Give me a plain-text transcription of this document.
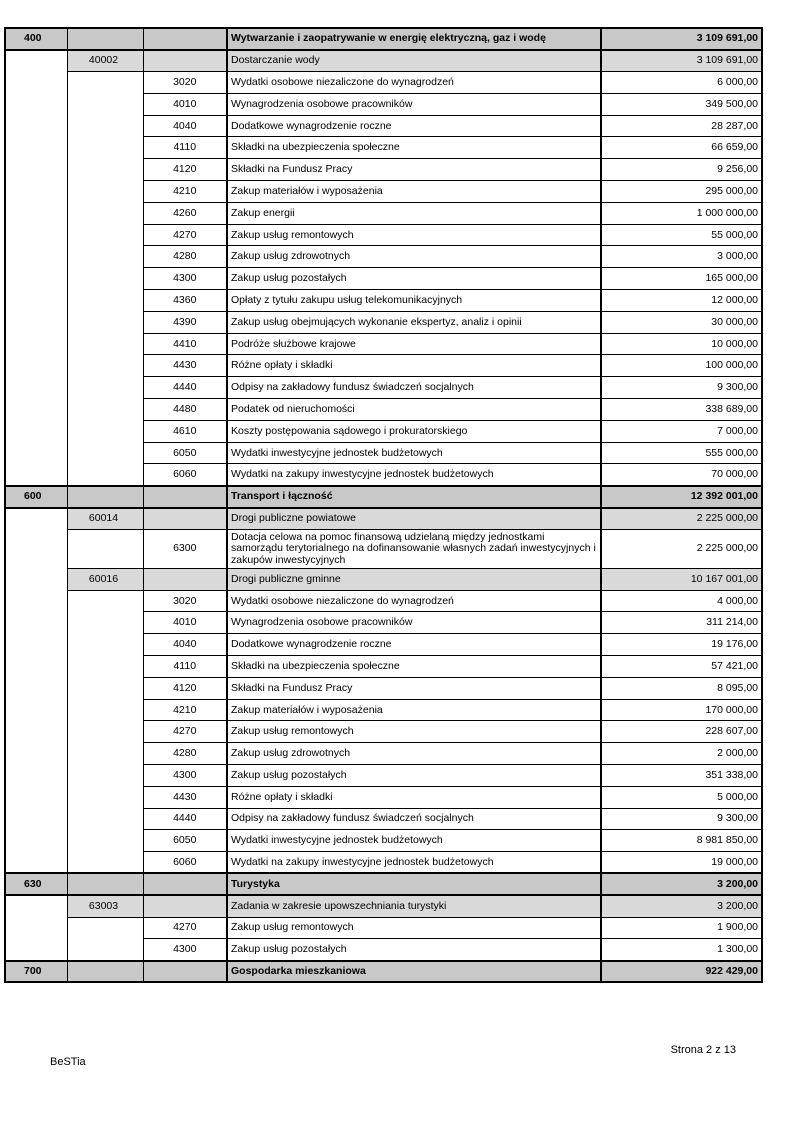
400			Wytwarzanie i zaopatrywanie w energię elektryczną, gaz i wodę	3 109 691,00
	40002		Dostarczanie wody	3 109 691,00
		3020	Wydatki osobowe niezaliczone do wynagrodzeń	6 000,00
		4010	Wynagrodzenia osobowe pracowników	349 500,00
		4040	Dodatkowe wynagrodzenie roczne	28 287,00
		4110	Składki na ubezpieczenia społeczne	66 659,00
		4120	Składki na Fundusz Pracy	9 256,00
		4210	Zakup materiałów i wyposażenia	295 000,00
		4260	Zakup energii	1 000 000,00
		4270	Zakup usług remontowych	55 000,00
		4280	Zakup usług zdrowotnych	3 000,00
		4300	Zakup usług pozostałych	165 000,00
		4360	Opłaty z tytułu zakupu usług telekomunikacyjnych	12 000,00
		4390	Zakup usług obejmujących wykonanie ekspertyz, analiz i opinii	30 000,00
		4410	Podróże służbowe krajowe	10 000,00
		4430	Różne opłaty i składki	100 000,00
		4440	Odpisy na zakładowy fundusz świadczeń socjalnych	9 300,00
		4480	Podatek od nieruchomości	338 689,00
		4610	Koszty postępowania sądowego i prokuratorskiego	7 000,00
		6050	Wydatki inwestycyjne jednostek budżetowych	555 000,00
		6060	Wydatki na zakupy inwestycyjne jednostek budżetowych	70 000,00
600			Transport i łączność	12 392 001,00
	60014		Drogi publiczne powiatowe	2 225 000,00
		6300	Dotacja celowa na pomoc finansową udzielaną między jednostkami samorządu terytorialnego na dofinansowanie własnych zadań inwestycyjnych i zakupów inwestycyjnych	2 225 000,00
	60016		Drogi publiczne gminne	10 167 001,00
		3020	Wydatki osobowe niezaliczone do wynagrodzeń	4 000,00
		4010	Wynagrodzenia osobowe pracowników	311 214,00
		4040	Dodatkowe wynagrodzenie roczne	19 176,00
		4110	Składki na ubezpieczenia społeczne	57 421,00
		4120	Składki na Fundusz Pracy	8 095,00
		4210	Zakup materiałów i wyposażenia	170 000,00
		4270	Zakup usług remontowych	228 607,00
		4280	Zakup usług zdrowotnych	2 000,00
		4300	Zakup usług pozostałych	351 338,00
		4430	Różne opłaty i składki	5 000,00
		4440	Odpisy na zakładowy fundusz świadczeń socjalnych	9 300,00
		6050	Wydatki inwestycyjne jednostek budżetowych	8 981 850,00
		6060	Wydatki na zakupy inwestycyjne jednostek budżetowych	19 000,00
630			Turystyka	3 200,00
	63003		Zadania w zakresie upowszechniania turystyki	3 200,00
		4270	Zakup usług remontowych	1 900,00
		4300	Zakup usług pozostałych	1 300,00
700			Gospodarka mieszkaniowa	922 429,00
Strona 2 z 13
BeSTia
